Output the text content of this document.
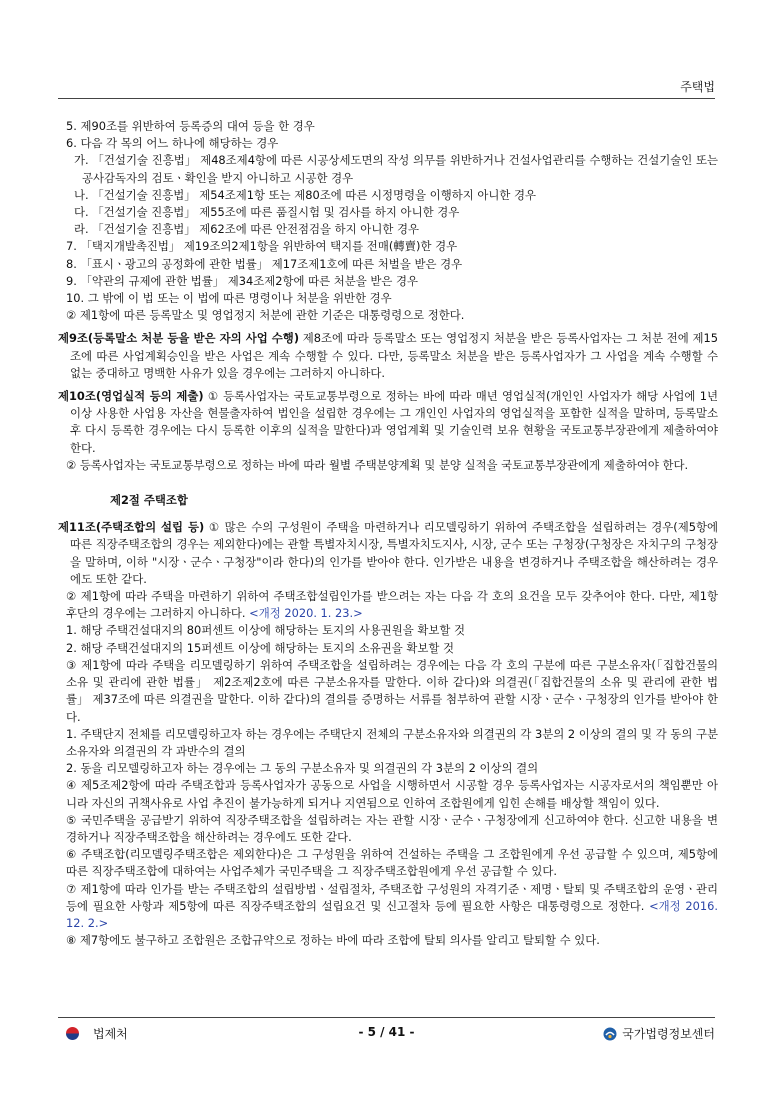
주택법

5. 제90조를 위반하여 등록증의 대여 등을 한 경우

6. 다음 각 목의 어느 하나에 해당하는 경우

가. 「건설기술 진흥법」 제48조제4항에 따른 시공상세도면의 작성 의무를 위반하거나 건설사업관리를 수행하는 건설기술인 또는 공사감독자의 검토ㆍ확인을 받지 아니하고 시공한 경우

나. 「건설기술 진흥법」 제54조제1항 또는 제80조에 따른 시정명령을 이행하지 아니한 경우

다. 「건설기술 진흥법」 제55조에 따른 품질시험 및 검사를 하지 아니한 경우

라. 「건설기술 진흥법」 제62조에 따른 안전점검을 하지 아니한 경우

7. 「택지개발촉진법」 제19조의2제1항을 위반하여 택지를 전매(轉賣)한 경우

8. 「표시ㆍ광고의 공정화에 관한 법률」 제17조제1호에 따른 처벌을 받은 경우

9. 「약관의 규제에 관한 법률」 제34조제2항에 따른 처분을 받은 경우

10. 그 밖에 이 법 또는 이 법에 따른 명령이나 처분을 위반한 경우

② 제1항에 따른 등록말소 및 영업정지 처분에 관한 기준은 대통령령으로 정한다.

제9조(등록말소 처분 등을 받은 자의 사업 수행) 제8조에 따라 등록말소 또는 영업정지 처분을 받은 등록사업자는 그 처분 전에 제15조에 따른 사업계획승인을 받은 사업은 계속 수행할 수 있다. 다만, 등록말소 처분을 받은 등록사업자가 그 사업을 계속 수행할 수 없는 중대하고 명백한 사유가 있을 경우에는 그러하지 아니하다.

제10조(영업실적 등의 제출) ① 등록사업자는 국토교통부령으로 정하는 바에 따라 매년 영업실적(개인인 사업자가 해당 사업에 1년 이상 사용한 사업용 자산을 현물출자하여 법인을 설립한 경우에는 그 개인인 사업자의 영업실적을 포함한 실적을 말하며, 등록말소 후 다시 등록한 경우에는 다시 등록한 이후의 실적을 말한다)과 영업계획 및 기술인력 보유 현황을 국토교통부장관에게 제출하여야 한다.

② 등록사업자는 국토교통부령으로 정하는 바에 따라 월별 주택분양계획 및 분양 실적을 국토교통부장관에게 제출하여야 한다.

제2절 주택조합

제11조(주택조합의 설립 등) ① 많은 수의 구성원이 주택을 마련하거나 리모델링하기 위하여 주택조합을 설립하려는 경우(제5항에 따른 직장주택조합의 경우는 제외한다)에는 관할 특별자치시장, 특별자치도지사, 시장, 군수 또는 구청장(구청장은 자치구의 구청장을 말하며, 이하 "시장ㆍ군수ㆍ구청장"이라 한다)의 인가를 받아야 한다. 인가받은 내용을 변경하거나 주택조합을 해산하려는 경우에도 또한 같다.

② 제1항에 따라 주택을 마련하기 위하여 주택조합설립인가를 받으려는 자는 다음 각 호의 요건을 모두 갖추어야 한다. 다만, 제1항 후단의 경우에는 그러하지 아니하다. <개정 2020. 1. 23.>

1. 해당 주택건설대지의 80퍼센트 이상에 해당하는 토지의 사용권원을 확보할 것

2. 해당 주택건설대지의 15퍼센트 이상에 해당하는 토지의 소유권을 확보할 것

③ 제1항에 따라 주택을 리모델링하기 위하여 주택조합을 설립하려는 경우에는 다음 각 호의 구분에 따른 구분소유자(「집합건물의 소유 및 관리에 관한 법률」 제2조제2호에 따른 구분소유자를 말한다. 이하 같다)와 의결권(「집합건물의 소유 및 관리에 관한 법률」 제37조에 따른 의결권을 말한다. 이하 같다)의 결의를 증명하는 서류를 첨부하여 관할 시장ㆍ군수ㆍ구청장의 인가를 받아야 한다.

1. 주택단지 전체를 리모델링하고자 하는 경우에는 주택단지 전체의 구분소유자와 의결권의 각 3분의 2 이상의 결의 및 각 동의 구분소유자와 의결권의 각 과반수의 결의

2. 동을 리모델링하고자 하는 경우에는 그 동의 구분소유자 및 의결권의 각 3분의 2 이상의 결의

④ 제5조제2항에 따라 주택조합과 등록사업자가 공동으로 사업을 시행하면서 시공할 경우 등록사업자는 시공자로서의 책임뿐만 아니라 자신의 귀책사유로 사업 추진이 불가능하게 되거나 지연됨으로 인하여 조합원에게 입힌 손해를 배상할 책임이 있다.

⑤ 국민주택을 공급받기 위하여 직장주택조합을 설립하려는 자는 관할 시장ㆍ군수ㆍ구청장에게 신고하여야 한다. 신고한 내용을 변경하거나 직장주택조합을 해산하려는 경우에도 또한 같다.

⑥ 주택조합(리모델링주택조합은 제외한다)은 그 구성원을 위하여 건설하는 주택을 그 조합원에게 우선 공급할 수 있으며, 제5항에 따른 직장주택조합에 대하여는 사업주체가 국민주택을 그 직장주택조합원에게 우선 공급할 수 있다.

⑦ 제1항에 따라 인가를 받는 주택조합의 설립방법ㆍ설립절차, 주택조합 구성원의 자격기준ㆍ제명ㆍ탈퇴 및 주택조합의 운영ㆍ관리 등에 필요한 사항과 제5항에 따른 직장주택조합의 설립요건 및 신고절차 등에 필요한 사항은 대통령령으로 정한다. <개정 2016. 12. 2.>

⑧ 제7항에도 불구하고 조합원은 조합규약으로 정하는 바에 따라 조합에 탈퇴 의사를 알리고 탈퇴할 수 있다.

법제처	- 5 / 41 -	국가법령정보센터
